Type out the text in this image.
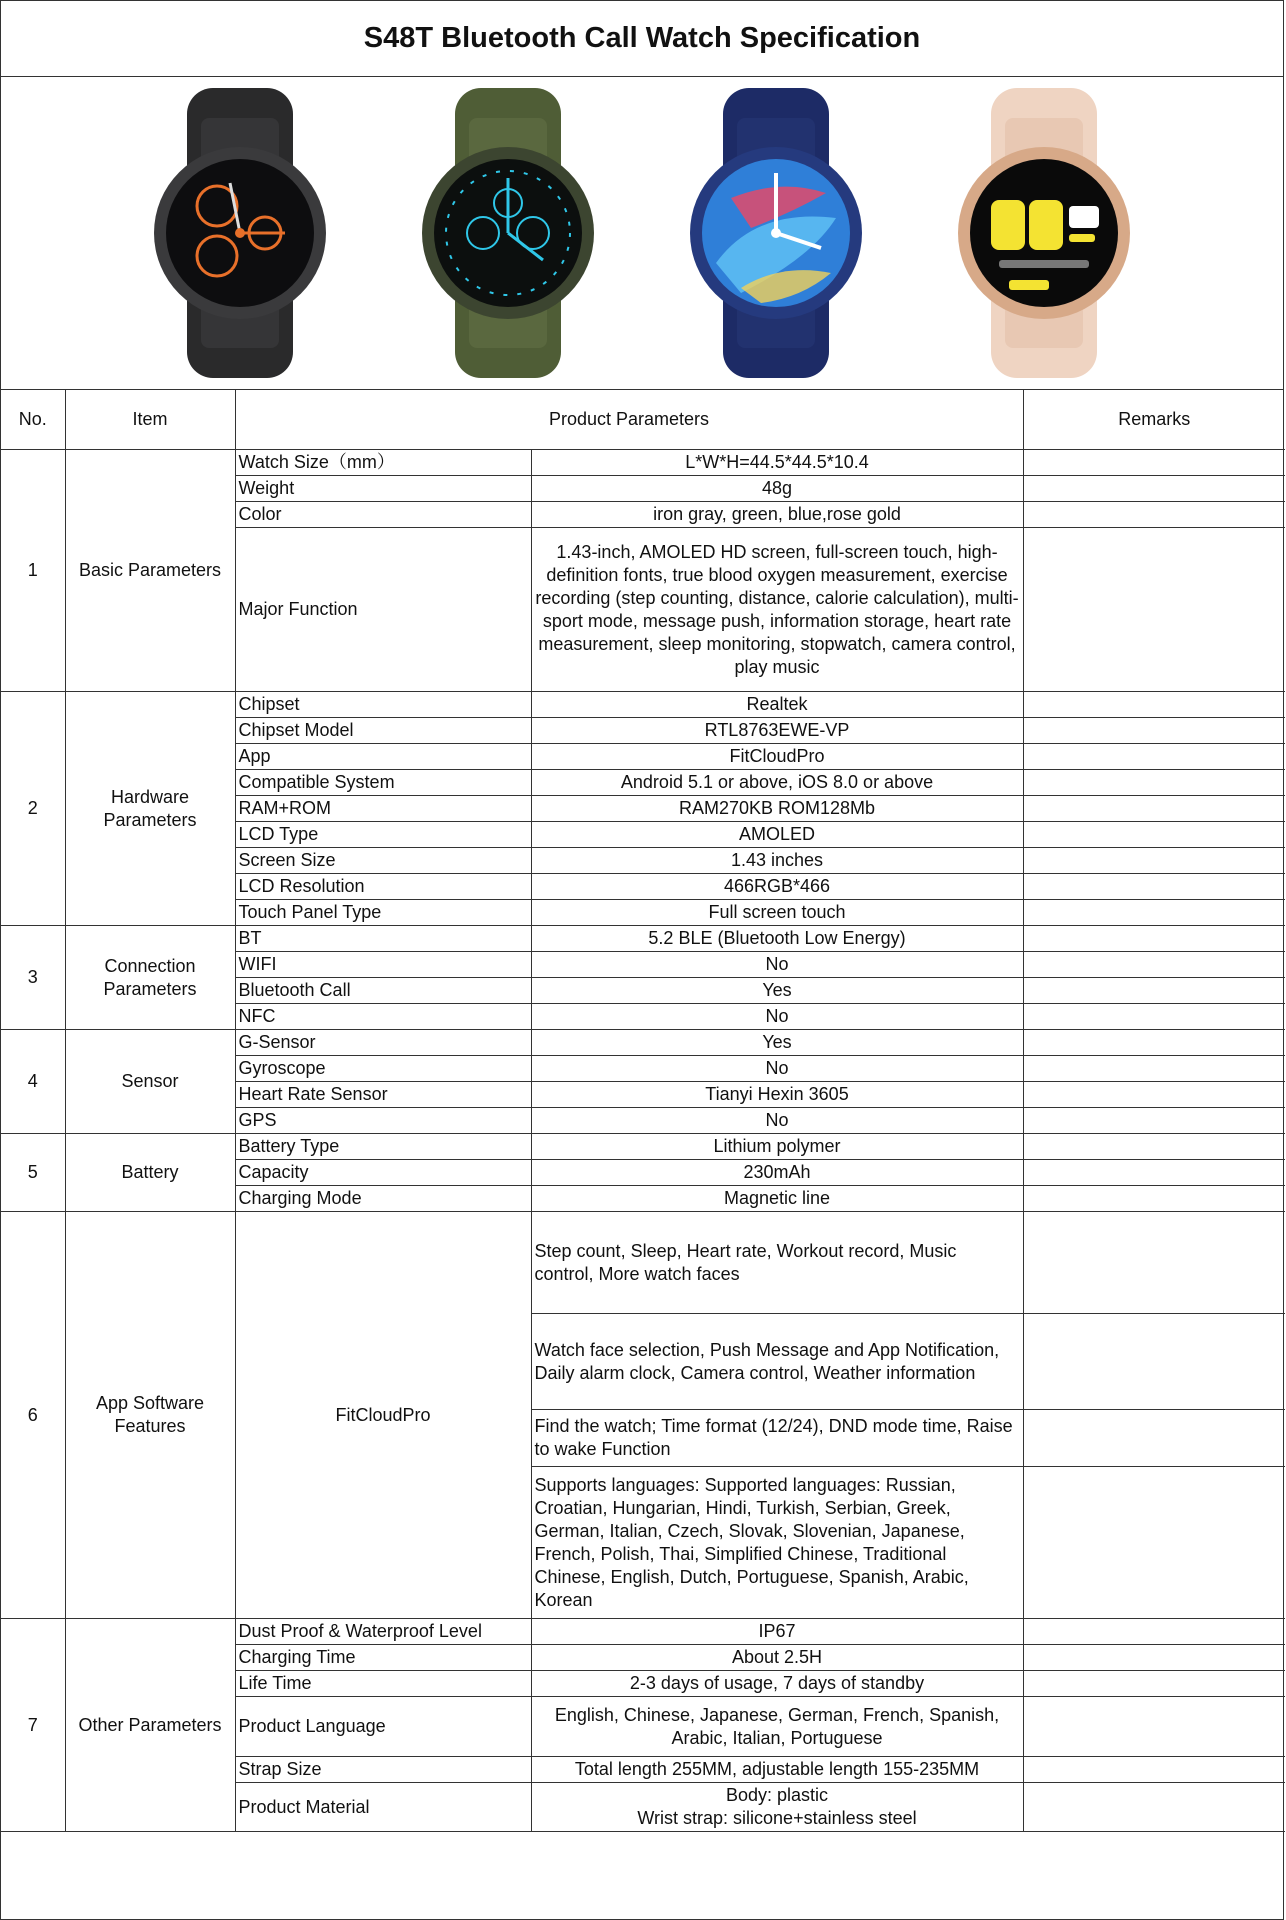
S48T Bluetooth Call Watch Specification
No.	Item	Product Parameters		Remarks
1	Basic Parameters	Watch Size（mm）	L*W*H=44.5*44.5*10.4	

		Weight	48g	

		Color	iron gray, green, blue,rose gold	

		Major Function	1.43-inch, AMOLED HD screen, full-screen touch, high-definition fonts, true blood oxygen measurement, exercise recording (step counting, distance, calorie calculation), multi-sport mode, message push, information storage, heart rate measurement, sleep monitoring, stopwatch, camera control, play music	

2	Hardware Parameters	Chipset	Realtek	

		Chipset Model	RTL8763EWE-VP	

		App	FitCloudPro	

		Compatible System	Android 5.1 or above, iOS 8.0 or above	

		RAM+ROM	RAM270KB ROM128Mb	

		LCD Type	AMOLED	

		Screen Size	1.43 inches	

		LCD Resolution	466RGB*466	

		Touch Panel Type	Full screen touch	

3	Connection Parameters	BT	5.2 BLE (Bluetooth Low Energy)	

		WIFI	No	

		Bluetooth Call	Yes	

		NFC	No	

4	Sensor	G-Sensor	Yes	

		Gyroscope	No	

		Heart Rate Sensor	Tianyi Hexin 3605	

		GPS	No	

5	Battery	Battery Type	Lithium polymer	

		Capacity	230mAh	

		Charging Mode	Magnetic line	

6	App Software Features	FitCloudPro	Step count, Sleep, Heart rate, Workout record, Music control, More watch faces	
			Watch face selection, Push Message and App Notification, Daily alarm clock, Camera control, Weather information	
			Find the watch; Time format (12/24), DND mode time, Raise to wake Function	
			Supports languages: Supported languages: Russian, Croatian, Hungarian, Hindi, Turkish, Serbian, Greek, German, Italian, Czech, Slovak, Slovenian, Japanese, French, Polish, Thai, Simplified Chinese, Traditional Chinese, English, Dutch, Portuguese, Spanish, Arabic, Korean	
7	Other Parameters	Dust Proof & Waterproof Level	IP67	

		Charging Time	About 2.5H	

		Life Time	2-3 days of usage, 7 days of standby	

		Product Language	English, Chinese, Japanese, German, French, Spanish, Arabic, Italian, Portuguese	

		Strap Size	Total length 255MM, adjustable length 155-235MM	

		Product Material	Body: plastic
Wrist strap: silicone+stainless steel	
